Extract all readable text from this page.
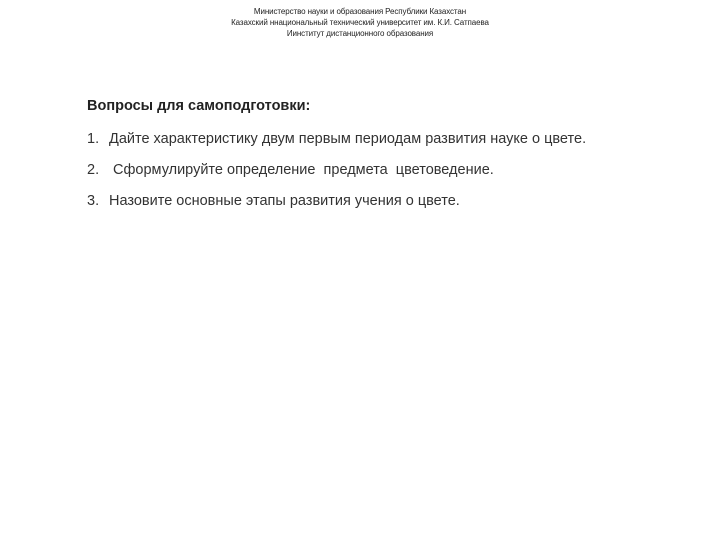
Министерство науки и образования Республики Казахстан
Казахский ннациональный технический университет им. К.И. Сатпаева
Иинститут дистанционного образования
Вопросы для самоподготовки:
1. Дайте характеристику двум первым периодам развития науке о цвете.
2. Сформулируйте определение  предмета  цветоведение.
3. Назовите основные этапы развития учения о цвете.
